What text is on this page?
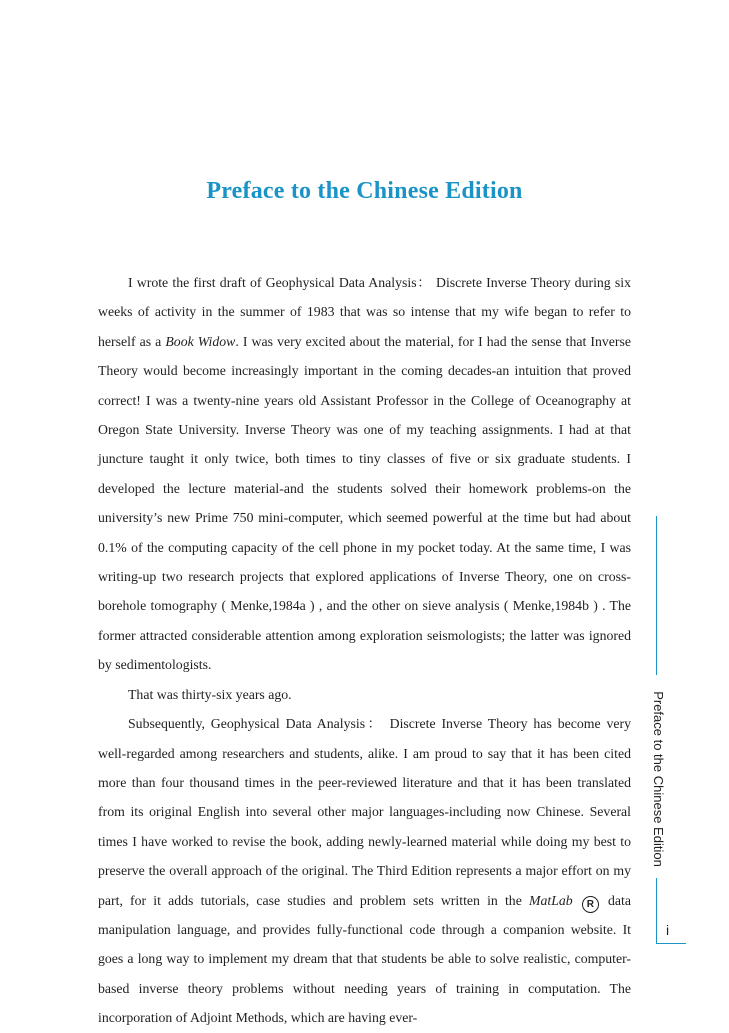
Preface to the Chinese Edition

I wrote the first draft of Geophysical Data Analysis： Discrete Inverse Theory during six weeks of activity in the summer of 1983 that was so intense that my wife began to refer to herself as a Book Widow. I was very excited about the material, for I had the sense that Inverse Theory would become increasingly important in the coming decades-an intuition that proved correct! I was a twenty-nine years old Assistant Professor in the College of Oceanography at Oregon State University. Inverse Theory was one of my teaching assignments. I had at that juncture taught it only twice, both times to tiny classes of five or six graduate students. I developed the lecture material-and the students solved their homework problems-on the university’s new Prime 750 mini-computer, which seemed powerful at the time but had about 0.1% of the computing capacity of the cell phone in my pocket today. At the same time, I was writing-up two research projects that explored applications of Inverse Theory, one on cross-borehole tomography ( Menke,1984a ) , and the other on sieve analysis ( Menke,1984b ) . The former attracted considerable attention among exploration seismologists; the latter was ignored by sedimentologists.

That was thirty-six years ago.

Subsequently, Geophysical Data Analysis： Discrete Inverse Theory has become very well-regarded among researchers and students, alike. I am proud to say that it has been cited more than four thousand times in the peer-reviewed literature and that it has been translated from its original English into several other major languages-including now Chinese. Several times I have worked to revise the book, adding newly-learned material while doing my best to preserve the overall approach of the original. The Third Edition represents a major effort on my part, for it adds tutorials, case studies and problem sets written in the MatLab R data manipulation language, and provides fully-functional code through a companion website. It goes a long way to implement my dream that that students be able to solve realistic, computer-based inverse theory problems without needing years of training in computation. The incorporation of Adjoint Methods, which are having ever-

Preface to the Chinese Edition
i
